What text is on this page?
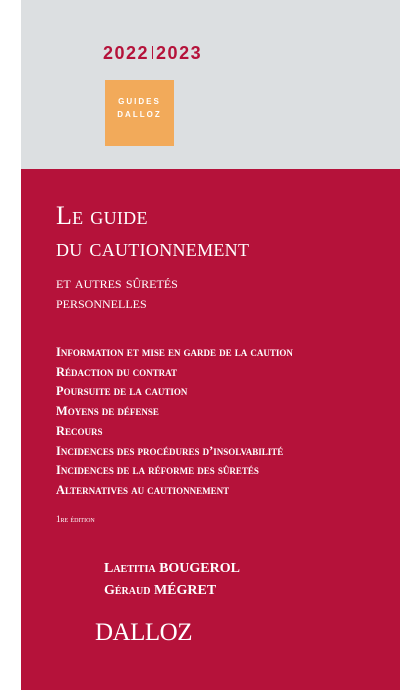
2022 2023
GUIDES
DALLOZ
Le guide
du cautionnement
et autres sûretés
personnelles
Information et mise en garde de la caution
Rédaction du contrat
Poursuite de la caution
Moyens de défense
Recours
Incidences des procédures d’insolvabilité
Incidences de la réforme des sûretés
Alternatives au cautionnement
1re édition
Laetitia BOUGEROL
Géraud MÉGRET
DALLOZ
